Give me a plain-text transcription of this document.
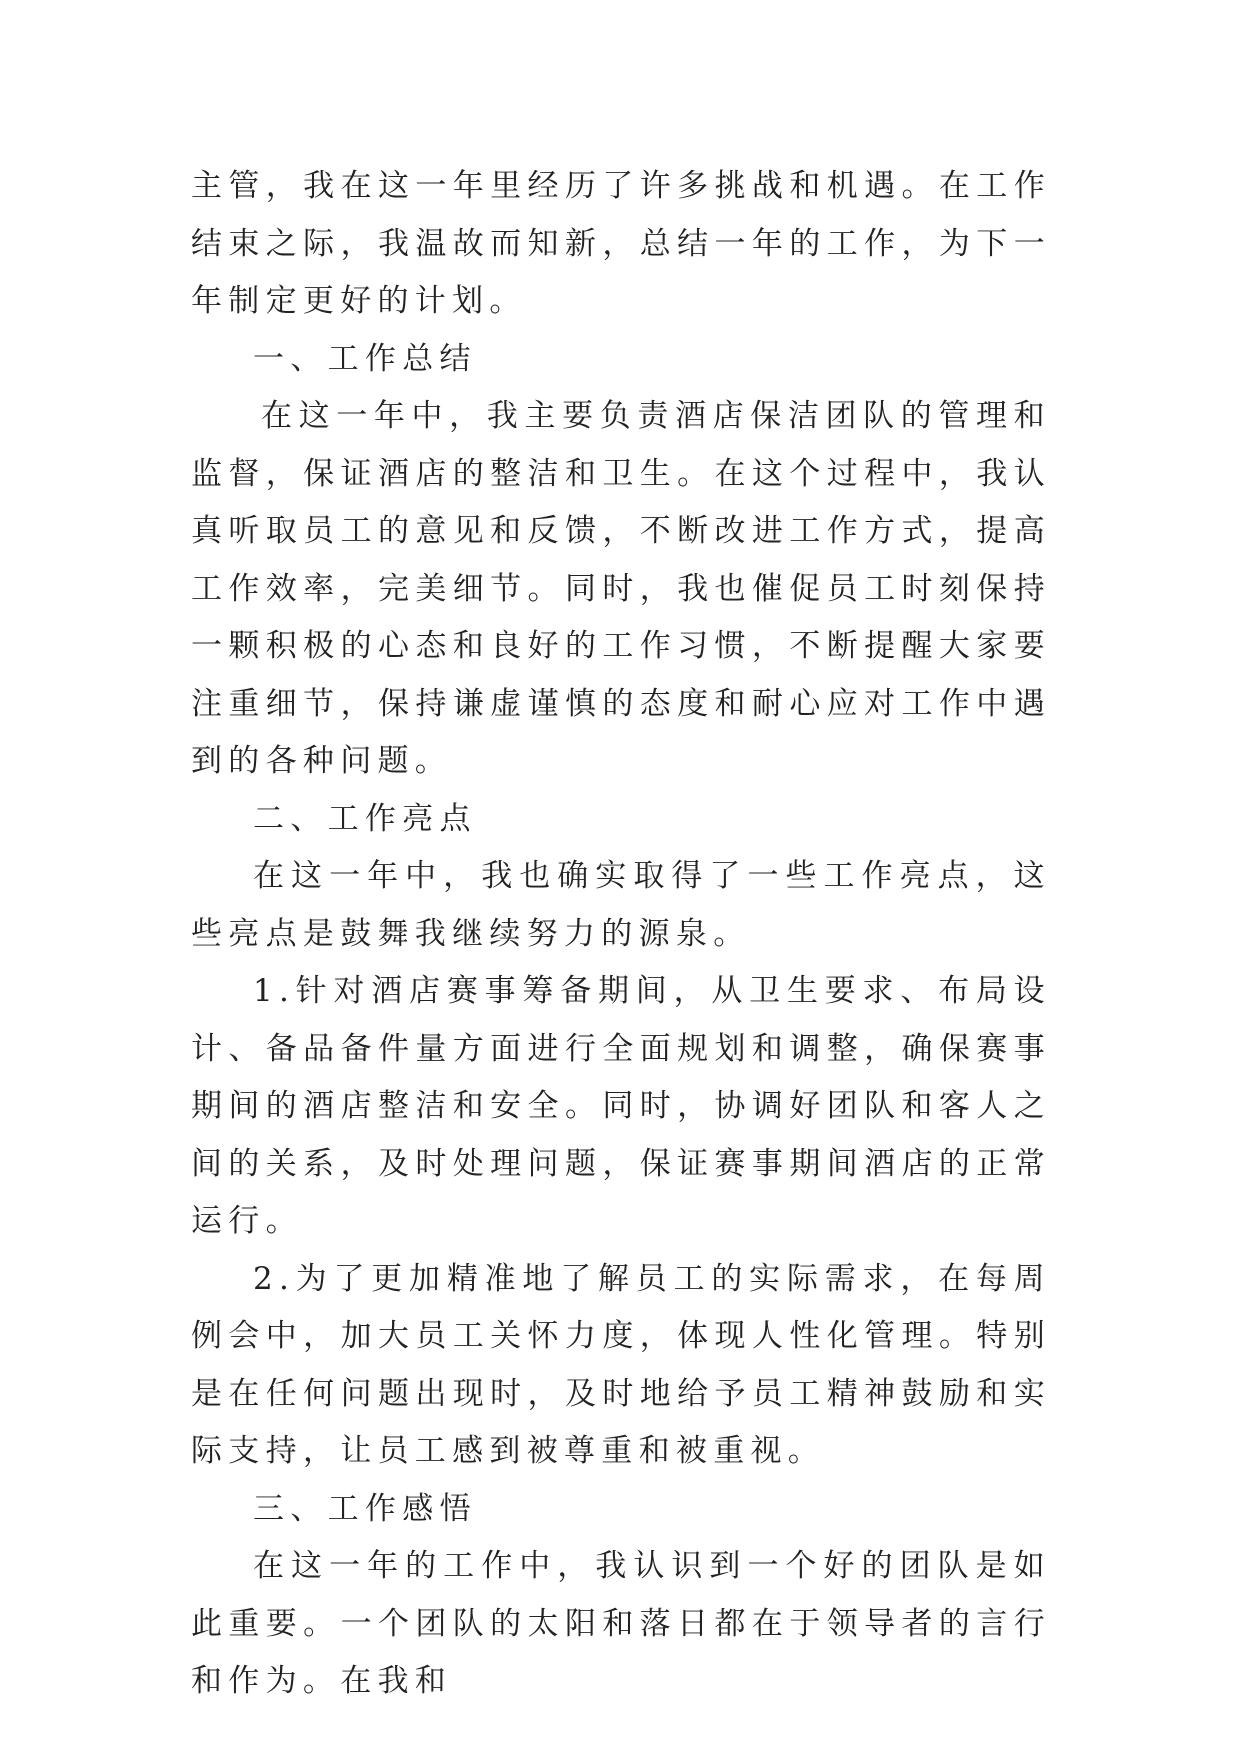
主管，我在这一年里经历了许多挑战和机遇。在工作结束之际，我温故而知新，总结一年的工作，为下一年制定更好的计划。

一、工作总结

在这一年中，我主要负责酒店保洁团队的管理和监督，保证酒店的整洁和卫生。在这个过程中，我认真听取员工的意见和反馈，不断改进工作方式，提高工作效率，完美细节。同时，我也催促员工时刻保持一颗积极的心态和良好的工作习惯，不断提醒大家要注重细节，保持谦虚谨慎的态度和耐心应对工作中遇到的各种问题。

二、工作亮点

在这一年中，我也确实取得了一些工作亮点，这些亮点是鼓舞我继续努力的源泉。

1.针对酒店赛事筹备期间，从卫生要求、布局设计、备品备件量方面进行全面规划和调整，确保赛事期间的酒店整洁和安全。同时，协调好团队和客人之间的关系，及时处理问题，保证赛事期间酒店的正常运行。

2.为了更加精准地了解员工的实际需求，在每周例会中，加大员工关怀力度，体现人性化管理。特别是在任何问题出现时，及时地给予员工精神鼓励和实际支持，让员工感到被尊重和被重视。

三、工作感悟

在这一年的工作中，我认识到一个好的团队是如此重要。一个团队的太阳和落日都在于领导者的言行和作为。在我和
